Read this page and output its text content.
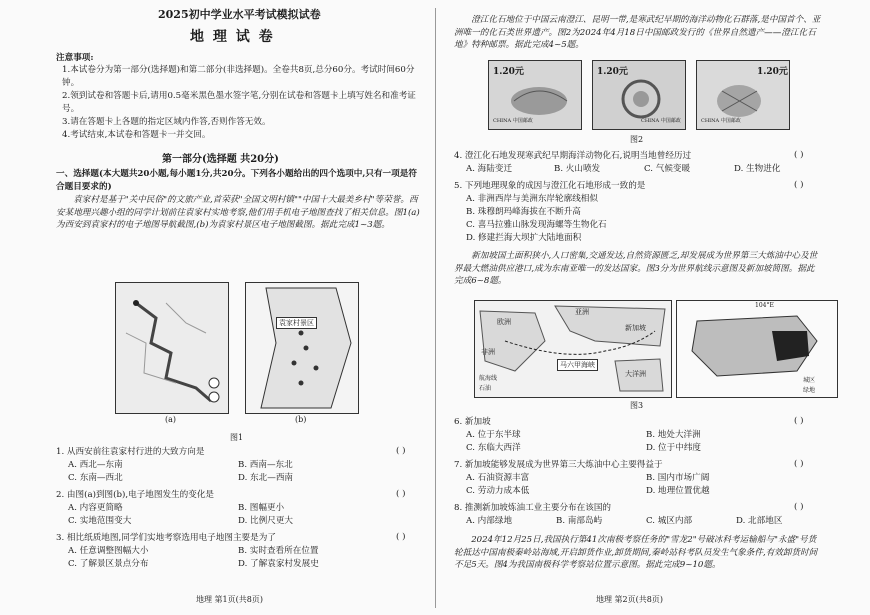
2025初中学业水平考试模拟试卷

地 理 试 卷

注意事项:

1.本试卷分为第一部分(选择题)和第二部分(非选择题)。全卷共8页,总分60分。考试时间60分钟。

2.领到试卷和答题卡后,请用0.5毫米黑色墨水签字笔,分别在试卷和答题卡上填写姓名和准考证号。

3.请在答题卡上各题的指定区域内作答,否则作答无效。

4.考试结束,本试卷和答题卡一并交回。

第一部分(选择题 共20分)

一、选择题(本大题共20小题,每小题1分,共20分。下列各小题给出的四个选项中,只有一项是符合题目要求的)

袁家村是基于"关中民俗"的文旅产业,首荣获"全国文明村镇""中国十大最美乡村"等荣誉。西安某地理兴趣小组的同学计划前往袁家村实地考察,他们用手机电子地图查找了相关信息。图1(a)为西安到袁家村的电子地图导航截图,(b)为袁家村景区电子地图截图。据此完成1~3题。

袁家村景区
(a)	(b)
图1

1. 从西安前往袁家村行进的大致方向是	( )
A. 西北—东南	B. 西南—东北
C. 东南—西北	D. 东北—西南

2. 由图(a)到图(b),电子地图发生的变化是	( )
A. 内容更简略	B. 图幅更小
C. 实地范围变大	D. 比例尺更大

3. 相比纸质地图,同学们实地考察选用电子地图主要是为了	( )
A. 任意调整图幅大小	B. 实时查看所在位置
C. 了解景区景点分布	D. 了解袁家村发展史

地理 第1页(共8页)

澄江化石地位于中国云南澄江、昆明一带,是寒武纪早期的海洋动物化石群落,是中国首个、亚洲唯一的化石类世界遗产。图2为2024年4月18日中国邮政发行的《世界自然遗产——澄江化石地》特种邮票。据此完成4~5题。

1.20元
CHINA 中国邮政
1.20元
CHINA 中国邮政
1.20元
CHINA 中国邮政
图2

4. 澄江化石地发现寒武纪早期海洋动物化石,说明当地曾经历过	( )
A. 海陆变迁	B. 火山喷发	C. 气候变暖	D. 生物进化

5. 下列地理现象的成因与澄江化石地形成一致的是	( )
A. 非洲西岸与美洲东岸轮廓线相似
B. 珠穆朗玛峰海拔在不断升高
C. 喜马拉雅山脉发现海螺等生物化石
D. 修建拦海大坝扩大陆地面积

新加坡国土面积狭小,人口密集,交通发达,自然资源匮乏,却发展成为世界第三大炼油中心及世界最大燃油供应港口,成为东南亚唯一的发达国家。图3分为世界航线示意图及新加坡简图。据此完成6~8题。

亚洲
欧洲
非洲
大洋洲
马六甲海峡
新加坡
航海线
石油
104°E
城区
绿地
图3

6. 新加坡	( )
A. 位于东半球	B. 地处大洋洲
C. 东临大西洋	D. 位于中纬度

7. 新加坡能够发展成为世界第三大炼油中心主要得益于	( )
A. 石油资源丰富	B. 国内市场广阔
C. 劳动力成本低	D. 地理位置优越

8. 推测新加坡炼油工业主要分布在该国的	( )
A. 内部绿地	B. 南部岛屿	C. 城区内部	D. 北部地区

2024年12月25日,我国执行第41次南极考察任务的"雪龙2"号破冰科考运输船与"永盛"号货轮抵达中国南极秦岭站海域,开启卸货作业,卸货期间,秦岭站科考队员发生气象条件,有效卸货时间不足5天。图4为我国南极科学考察站位置示意图。据此完成9~10题。

地理 第2页(共8页)
